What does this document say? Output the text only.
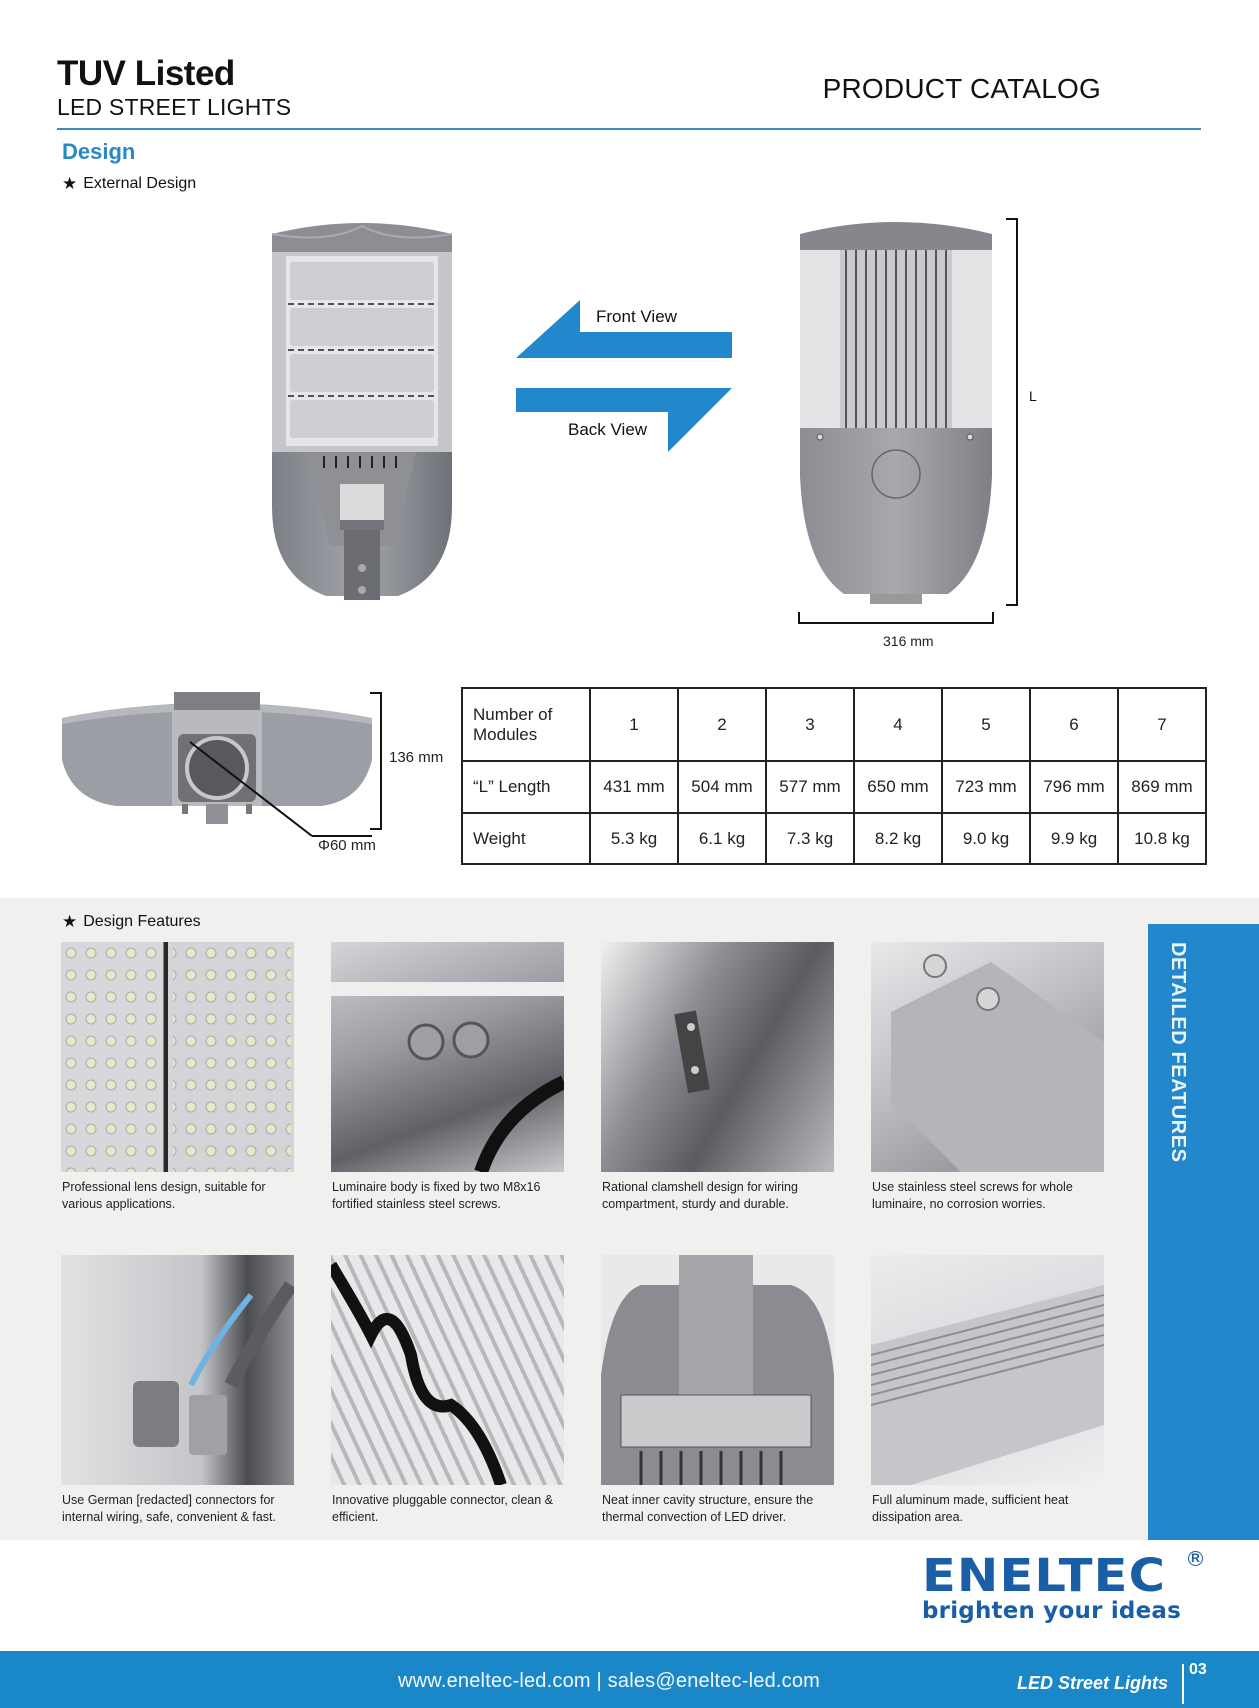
TUV Listed
LED STREET LIGHTS
PRODUCT CATALOG
Design
★ External Design
Front View
Back View
L
316 mm
136 mm
Φ60 mm
Number of Modules	1	2	3	4	5	6	7
“L” Length	431 mm	504 mm	577 mm	650 mm	723 mm	796 mm	869 mm
Weight	5.3 kg	6.1 kg	7.3 kg	8.2 kg	9.0 kg	9.9 kg	10.8 kg
★ Design Features
Professional lens design, suitable for various applications.
Luminaire body is fixed by two M8x16 fortified stainless steel screws.
Rational clamshell design for wiring compartment, sturdy and durable.
Use stainless steel screws for whole luminaire, no corrosion worries.
Use German [redacted] connectors for internal wiring, safe, convenient & fast.
Innovative pluggable connector, clean & efficient.
Neat inner cavity structure, ensure the thermal convection of LED driver.
Full aluminum made, sufficient heat dissipation area.
DETAILED FEATURES
ENELTEC	R
brighten your ideas
www.eneltec-led.com | sales@eneltec-led.com	LED Street Lights
03
